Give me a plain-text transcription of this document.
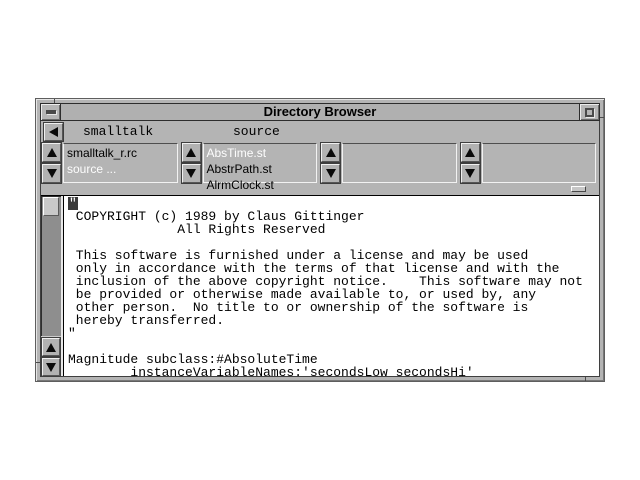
Directory Browser
smalltalk	source
smalltalk_r.rc
source ...
AbsTime.st
AbstrPath.st
AlrmClock.st
"
COPYRIGHT (c) 1989 by Claus Gittinger
All Rights Reserved
This software is furnished under a license and may be used
only in accordance with the terms of that license and with the
inclusion of the above copyright notice.    This software may not
be provided or otherwise made available to, or used by, any
other person.  No title to or ownership of the software is
hereby transferred.
"
Magnitude subclass:#AbsoluteTime
instanceVariableNames:'secondsLow secondsHi'
